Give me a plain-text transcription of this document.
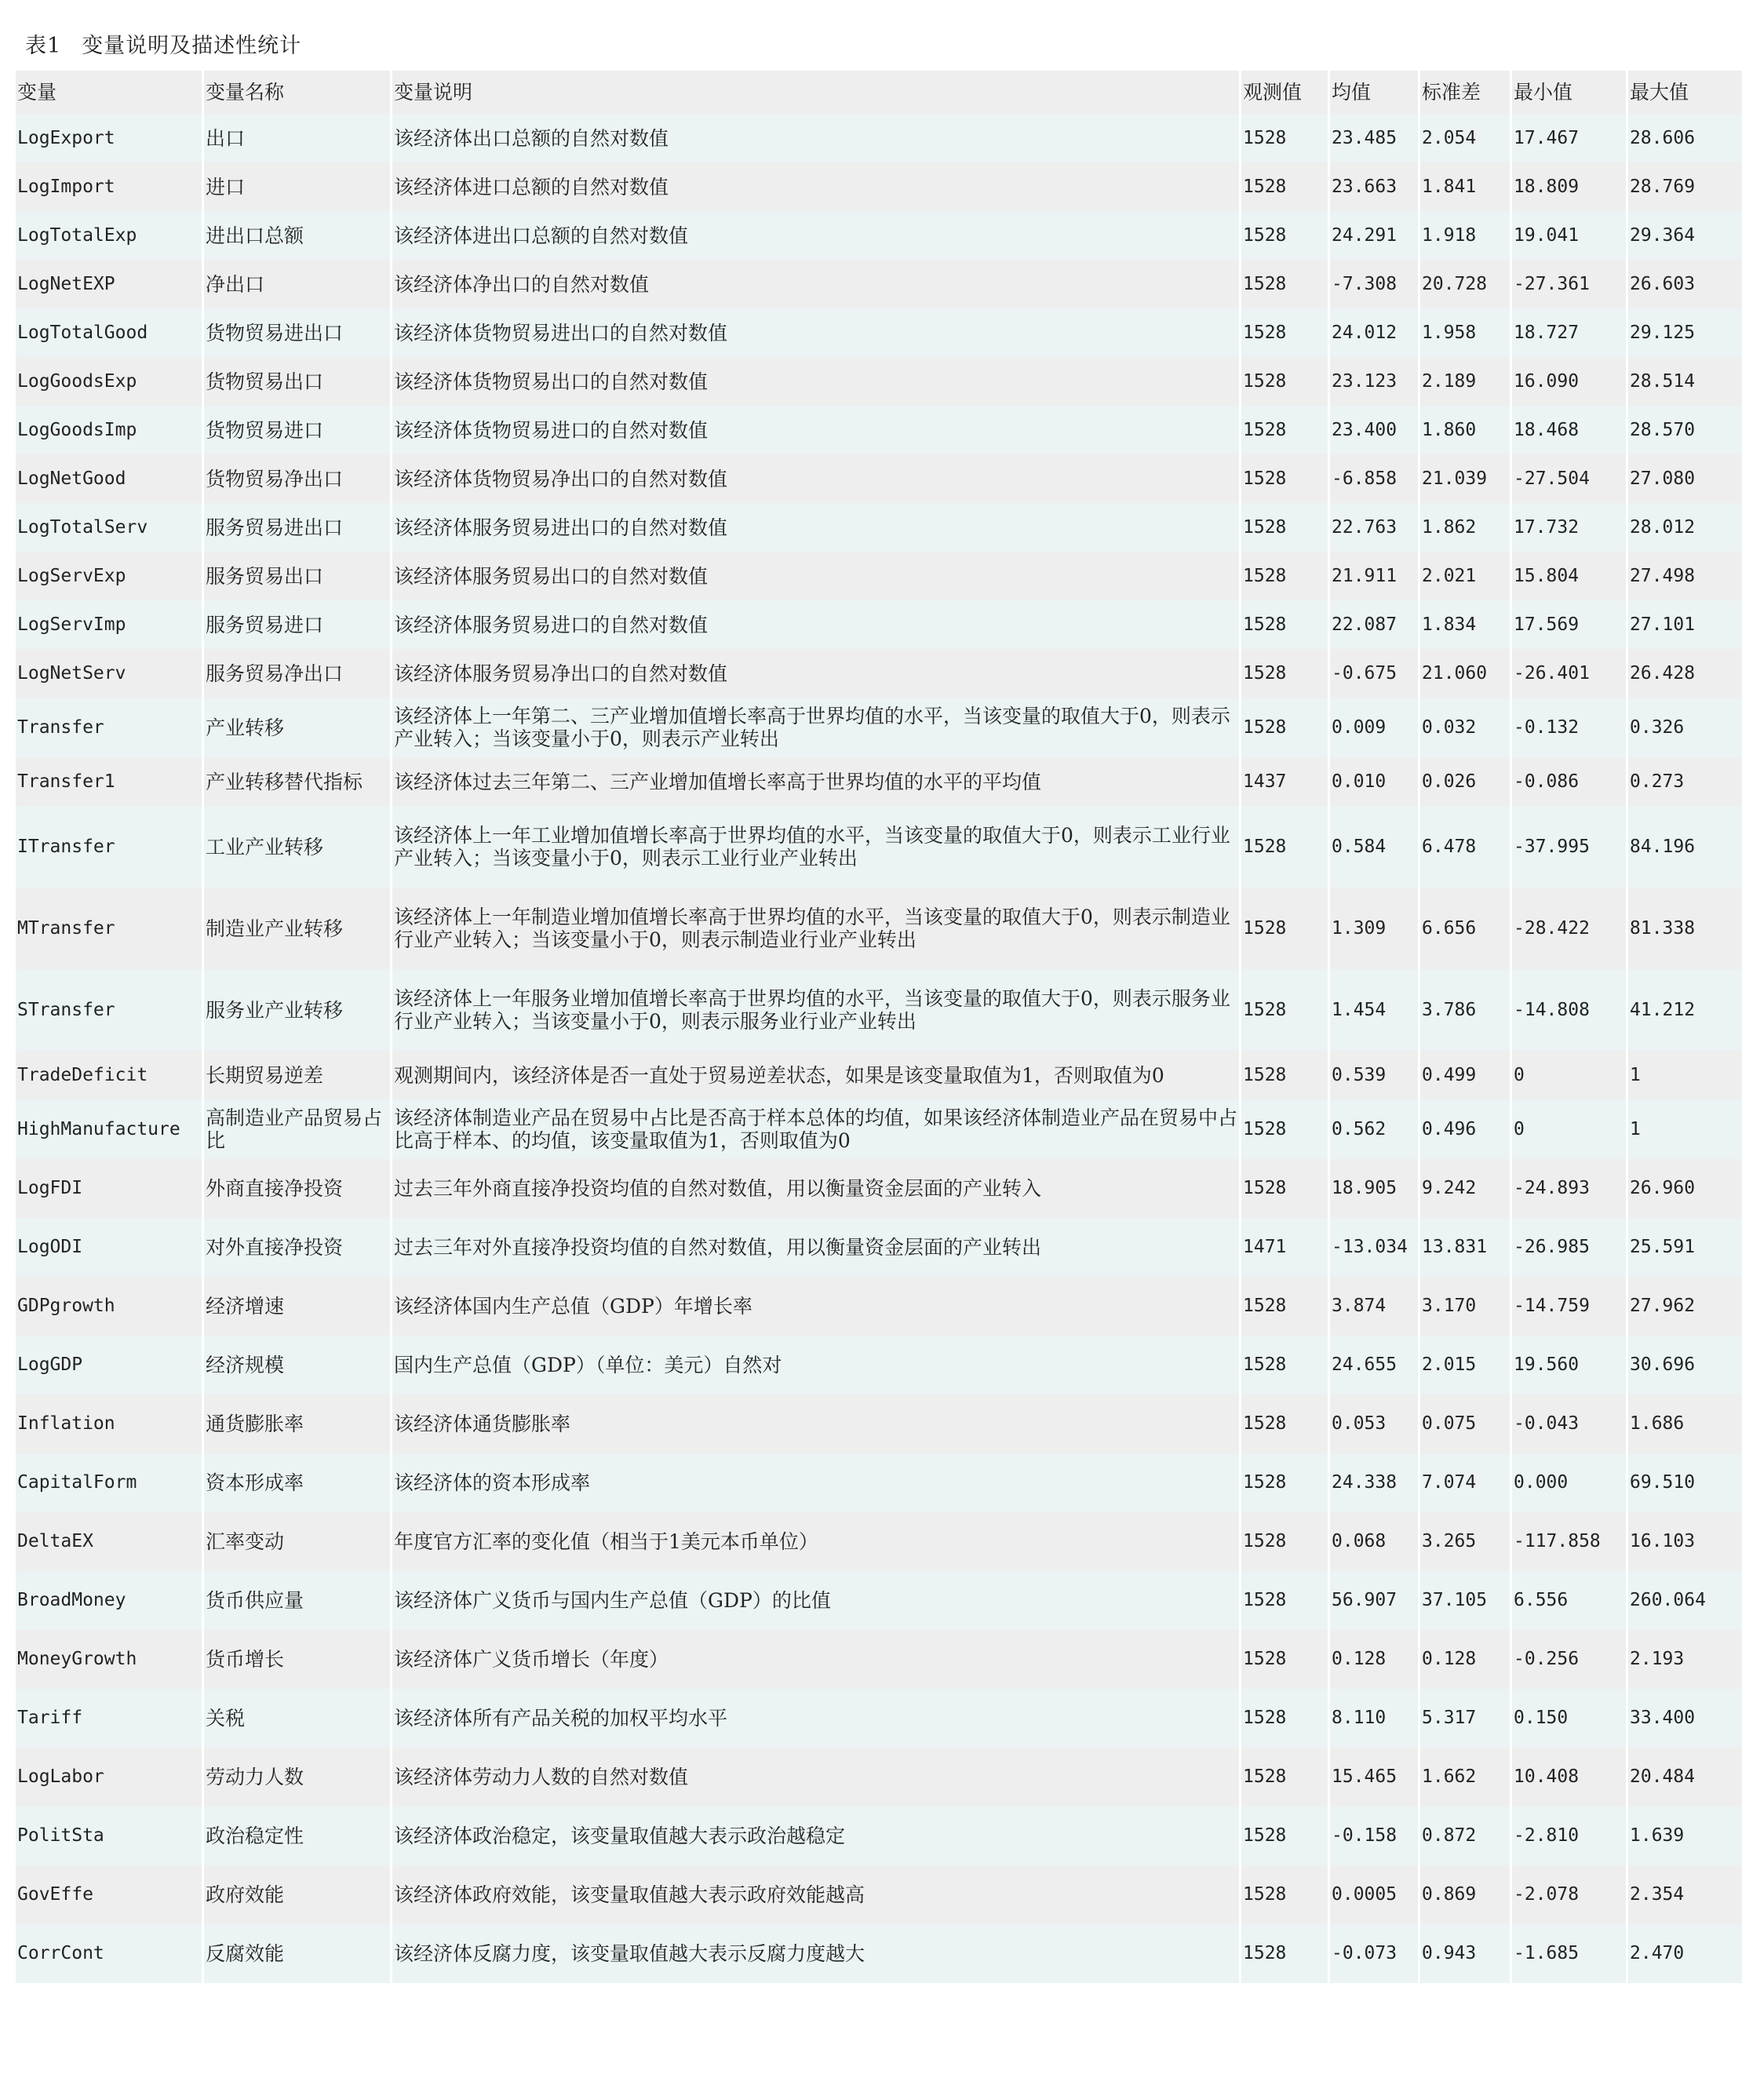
表1 变量说明及描述性统计
变量	变量名称	变量说明	观测值	均值	标准差	最小值	最大值
LogExport	出口	该经济体出口总额的自然对数值	1528	23.485	2.054	17.467	28.606
LogImport	进口	该经济体进口总额的自然对数值	1528	23.663	1.841	18.809	28.769
LogTotalExp	进出口总额	该经济体进出口总额的自然对数值	1528	24.291	1.918	19.041	29.364
LogNetEXP	净出口	该经济体净出口的自然对数值	1528	-7.308	20.728	-27.361	26.603
LogTotalGood	货物贸易进出口	该经济体货物贸易进出口的自然对数值	1528	24.012	1.958	18.727	29.125
LogGoodsExp	货物贸易出口	该经济体货物贸易出口的自然对数值	1528	23.123	2.189	16.090	28.514
LogGoodsImp	货物贸易进口	该经济体货物贸易进口的自然对数值	1528	23.400	1.860	18.468	28.570
LogNetGood	货物贸易净出口	该经济体货物贸易净出口的自然对数值	1528	-6.858	21.039	-27.504	27.080
LogTotalServ	服务贸易进出口	该经济体服务贸易进出口的自然对数值	1528	22.763	1.862	17.732	28.012
LogServExp	服务贸易出口	该经济体服务贸易出口的自然对数值	1528	21.911	2.021	15.804	27.498
LogServImp	服务贸易进口	该经济体服务贸易进口的自然对数值	1528	22.087	1.834	17.569	27.101
LogNetServ	服务贸易净出口	该经济体服务贸易净出口的自然对数值	1528	-0.675	21.060	-26.401	26.428
Transfer	产业转移	该经济体上一年第二、三产业增加值增长率高于世界均值的水平，当该变量的取值大于0，则表示产业转入；当该变量小于0，则表示产业转出	1528	0.009	0.032	-0.132	0.326
Transfer1	产业转移替代指标	该经济体过去三年第二、三产业增加值增长率高于世界均值的水平的平均值	1437	0.010	0.026	-0.086	0.273
ITransfer	工业产业转移	该经济体上一年工业增加值增长率高于世界均值的水平，当该变量的取值大于0，则表示工业行业产业转入；当该变量小于0，则表示工业行业产业转出	1528	0.584	6.478	-37.995	84.196
MTransfer	制造业产业转移	该经济体上一年制造业增加值增长率高于世界均值的水平，当该变量的取值大于0，则表示制造业行业产业转入；当该变量小于0，则表示制造业行业产业转出	1528	1.309	6.656	-28.422	81.338
STransfer	服务业产业转移	该经济体上一年服务业增加值增长率高于世界均值的水平，当该变量的取值大于0，则表示服务业行业产业转入；当该变量小于0，则表示服务业行业产业转出	1528	1.454	3.786	-14.808	41.212
TradeDeficit	长期贸易逆差	观测期间内，该经济体是否一直处于贸易逆差状态，如果是该变量取值为1，否则取值为0	1528	0.539	0.499	0	1
HighManufacture	高制造业产品贸易占比	该经济体制造业产品在贸易中占比是否高于样本总体的均值，如果该经济体制造业产品在贸易中占比高于样本、的均值，该变量取值为1，否则取值为0	1528	0.562	0.496	0	1
LogFDI	外商直接净投资	过去三年外商直接净投资均值的自然对数值，用以衡量资金层面的产业转入	1528	18.905	9.242	-24.893	26.960
LogODI	对外直接净投资	过去三年对外直接净投资均值的自然对数值，用以衡量资金层面的产业转出	1471	-13.034	13.831	-26.985	25.591
GDPgrowth	经济增速	该经济体国内生产总值（GDP）年增长率	1528	3.874	3.170	-14.759	27.962
LogGDP	经济规模	国内生产总值（GDP）（单位：美元）自然对	1528	24.655	2.015	19.560	30.696
Inflation	通货膨胀率	该经济体通货膨胀率	1528	0.053	0.075	-0.043	1.686
CapitalForm	资本形成率	该经济体的资本形成率	1528	24.338	7.074	0.000	69.510
DeltaEX	汇率变动	年度官方汇率的变化值（相当于1美元本币单位）	1528	0.068	3.265	-117.858	16.103
BroadMoney	货币供应量	该经济体广义货币与国内生产总值（GDP）的比值	1528	56.907	37.105	6.556	260.064
MoneyGrowth	货币增长	该经济体广义货币增长（年度）	1528	0.128	0.128	-0.256	2.193
Tariff	关税	该经济体所有产品关税的加权平均水平	1528	8.110	5.317	0.150	33.400
LogLabor	劳动力人数	该经济体劳动力人数的自然对数值	1528	15.465	1.662	10.408	20.484
PolitSta	政治稳定性	该经济体政治稳定，该变量取值越大表示政治越稳定	1528	-0.158	0.872	-2.810	1.639
GovEffe	政府效能	该经济体政府效能，该变量取值越大表示政府效能越高	1528	0.0005	0.869	-2.078	2.354
CorrCont	反腐效能	该经济体反腐力度，该变量取值越大表示反腐力度越大	1528	-0.073	0.943	-1.685	2.470
